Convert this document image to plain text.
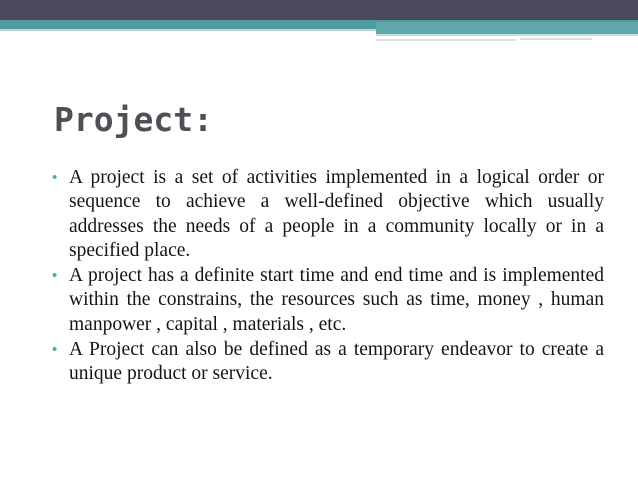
Project:
• A project is a set of activities implemented in a logical order or sequence to achieve a well-defined objective which usually addresses the needs of a people in a community locally or in a specified place.
• A project has a definite start time and end time and is implemented within the constrains, the resources such as time, money , human manpower , capital , materials , etc.
• A Project can also be defined as a temporary endeavor to create a unique product or service.
